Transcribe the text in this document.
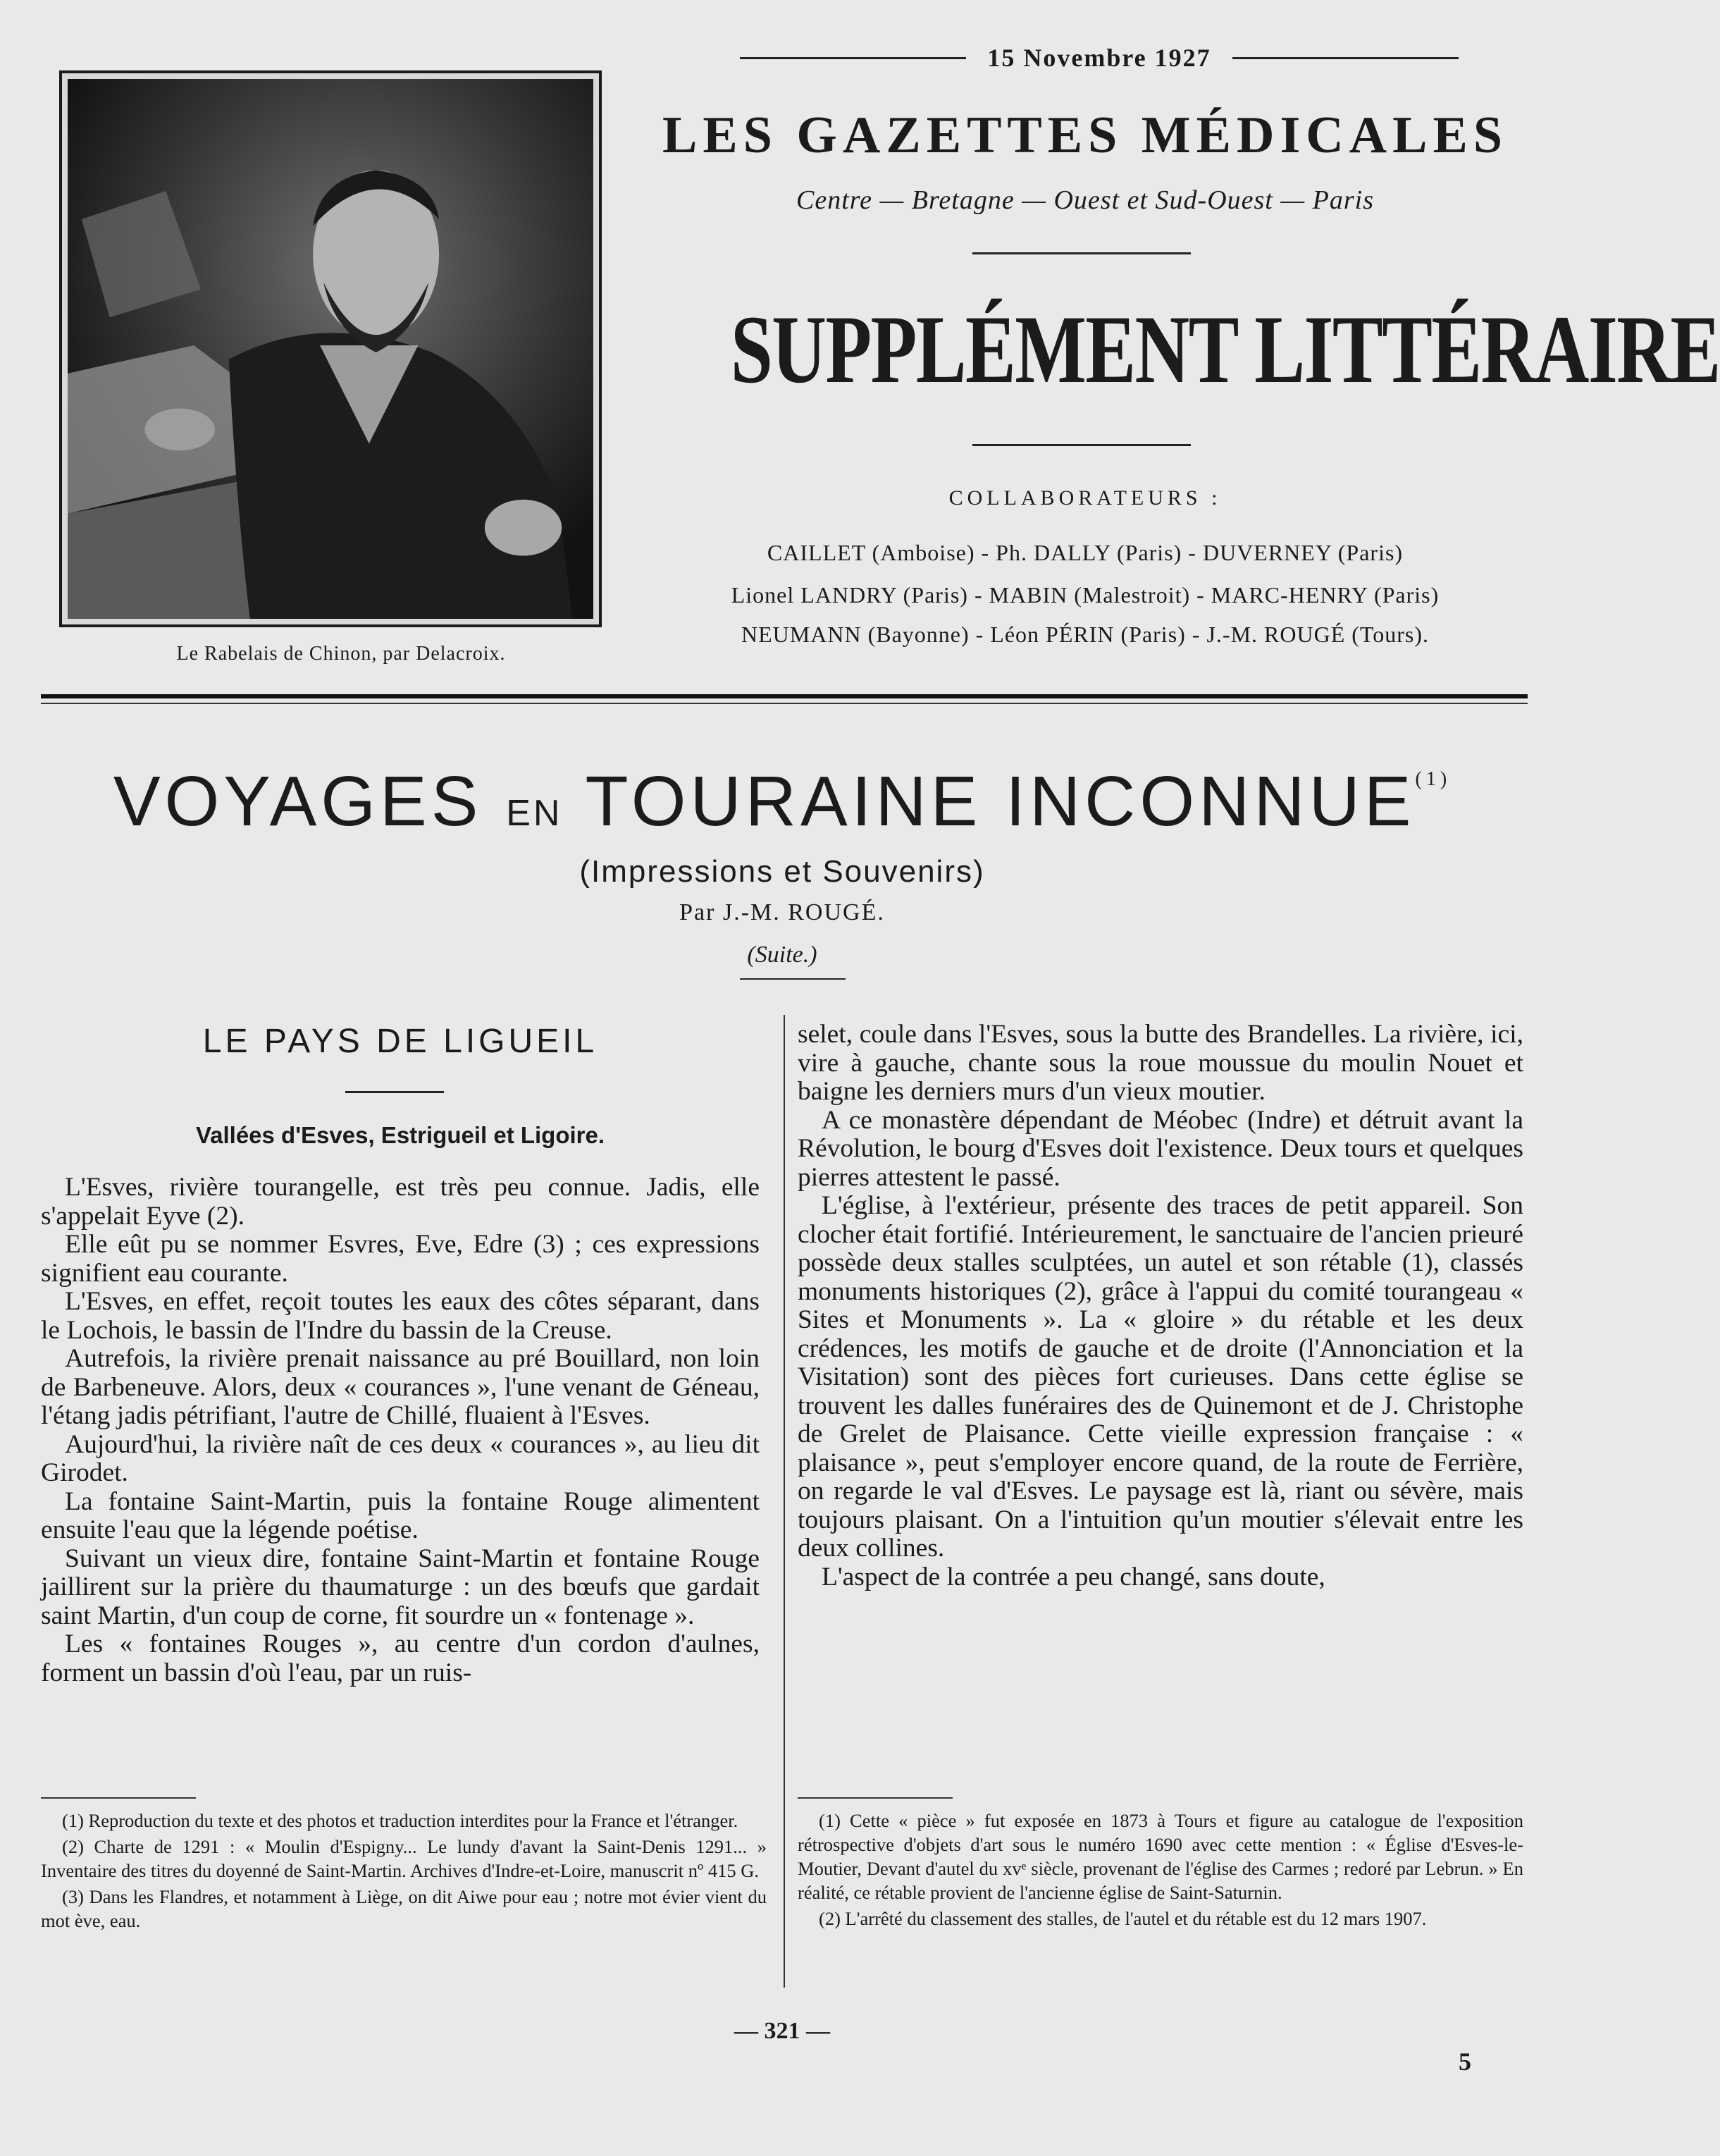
15 Novembre 1927
Le Rabelais de Chinon, par Delacroix.
LES GAZETTES MÉDICALES
Centre — Bretagne — Ouest et Sud-Ouest — Paris
SUPPLÉMENT LITTÉRAIRE
COLLABORATEURS :
CAILLET (Amboise) - Ph. DALLY (Paris) - DUVERNEY (Paris)
Lionel LANDRY (Paris) - MABIN (Malestroit) - MARC-HENRY (Paris)
NEUMANN (Bayonne) - Léon PÉRIN (Paris) - J.-M. ROUGÉ (Tours).
VOYAGES EN TOURAINE INCONNUE$^{(1)}$
(Impressions et Souvenirs)
Par J.-M. ROUGÉ.
(Suite.)
LE PAYS DE LIGUEIL
Vallées d'Esves, Estrigueil et Ligoire.

L'Esves, rivière tourangelle, est très peu connue. Jadis, elle s'appelait Eyve (2).

Elle eût pu se nommer Esvres, Eve, Edre (3) ; ces expressions signifient eau courante.

L'Esves, en effet, reçoit toutes les eaux des côtes séparant, dans le Lochois, le bassin de l'Indre du bassin de la Creuse.

Autrefois, la rivière prenait naissance au pré Bouillard, non loin de Barbeneuve. Alors, deux « courances », l'une venant de Géneau, l'étang jadis pétrifiant, l'autre de Chillé, fluaient à l'Esves.

Aujourd'hui, la rivière naît de ces deux « courances », au lieu dit Girodet.

La fontaine Saint-Martin, puis la fontaine Rouge alimentent ensuite l'eau que la légende poétise.

Suivant un vieux dire, fontaine Saint-Martin et fontaine Rouge jaillirent sur la prière du thaumaturge : un des bœufs que gardait saint Martin, d'un coup de corne, fit sourdre un « fontenage ».

Les « fontaines Rouges », au centre d'un cordon d'aulnes, forment un bassin d'où l'eau, par un ruis-

(1) Reproduction du texte et des photos et traduction interdites pour la France et l'étranger.

(2) Charte de 1291 : « Moulin d'Espigny... Le lundy d'avant la Saint-Denis 1291... » Inventaire des titres du doyenné de Saint-Martin. Archives d'Indre-et-Loire, manuscrit nº 415 G.

(3) Dans les Flandres, et notamment à Liège, on dit Aiwe pour eau ; notre mot évier vient du mot ève, eau.

selet, coule dans l'Esves, sous la butte des Brandelles. La rivière, ici, vire à gauche, chante sous la roue moussue du moulin Nouet et baigne les derniers murs d'un vieux moutier.

A ce monastère dépendant de Méobec (Indre) et détruit avant la Révolution, le bourg d'Esves doit l'existence. Deux tours et quelques pierres attestent le passé.

L'église, à l'extérieur, présente des traces de petit appareil. Son clocher était fortifié. Intérieurement, le sanctuaire de l'ancien prieuré possède deux stalles sculptées, un autel et son rétable (1), classés monuments historiques (2), grâce à l'appui du comité tourangeau « Sites et Monuments ». La « gloire » du rétable et les deux crédences, les motifs de gauche et de droite (l'Annonciation et la Visitation) sont des pièces fort curieuses. Dans cette église se trouvent les dalles funéraires des de Quinemont et de J. Christophe de Grelet de Plaisance. Cette vieille expression française : « plaisance », peut s'employer encore quand, de la route de Ferrière, on regarde le val d'Esves. Le paysage est là, riant ou sévère, mais toujours plaisant. On a l'intuition qu'un moutier s'élevait entre les deux collines.

L'aspect de la contrée a peu changé, sans doute,

(1) Cette « pièce » fut exposée en 1873 à Tours et figure au catalogue de l'exposition rétrospective d'objets d'art sous le numéro 1690 avec cette mention : « Église d'Esves-le-Moutier, Devant d'autel du xvᵉ siècle, provenant de l'église des Carmes ; redoré par Lebrun. » En réalité, ce rétable provient de l'ancienne église de Saint-Saturnin.

(2) L'arrêté du classement des stalles, de l'autel et du rétable est du 12 mars 1907.

— 321 —
5
